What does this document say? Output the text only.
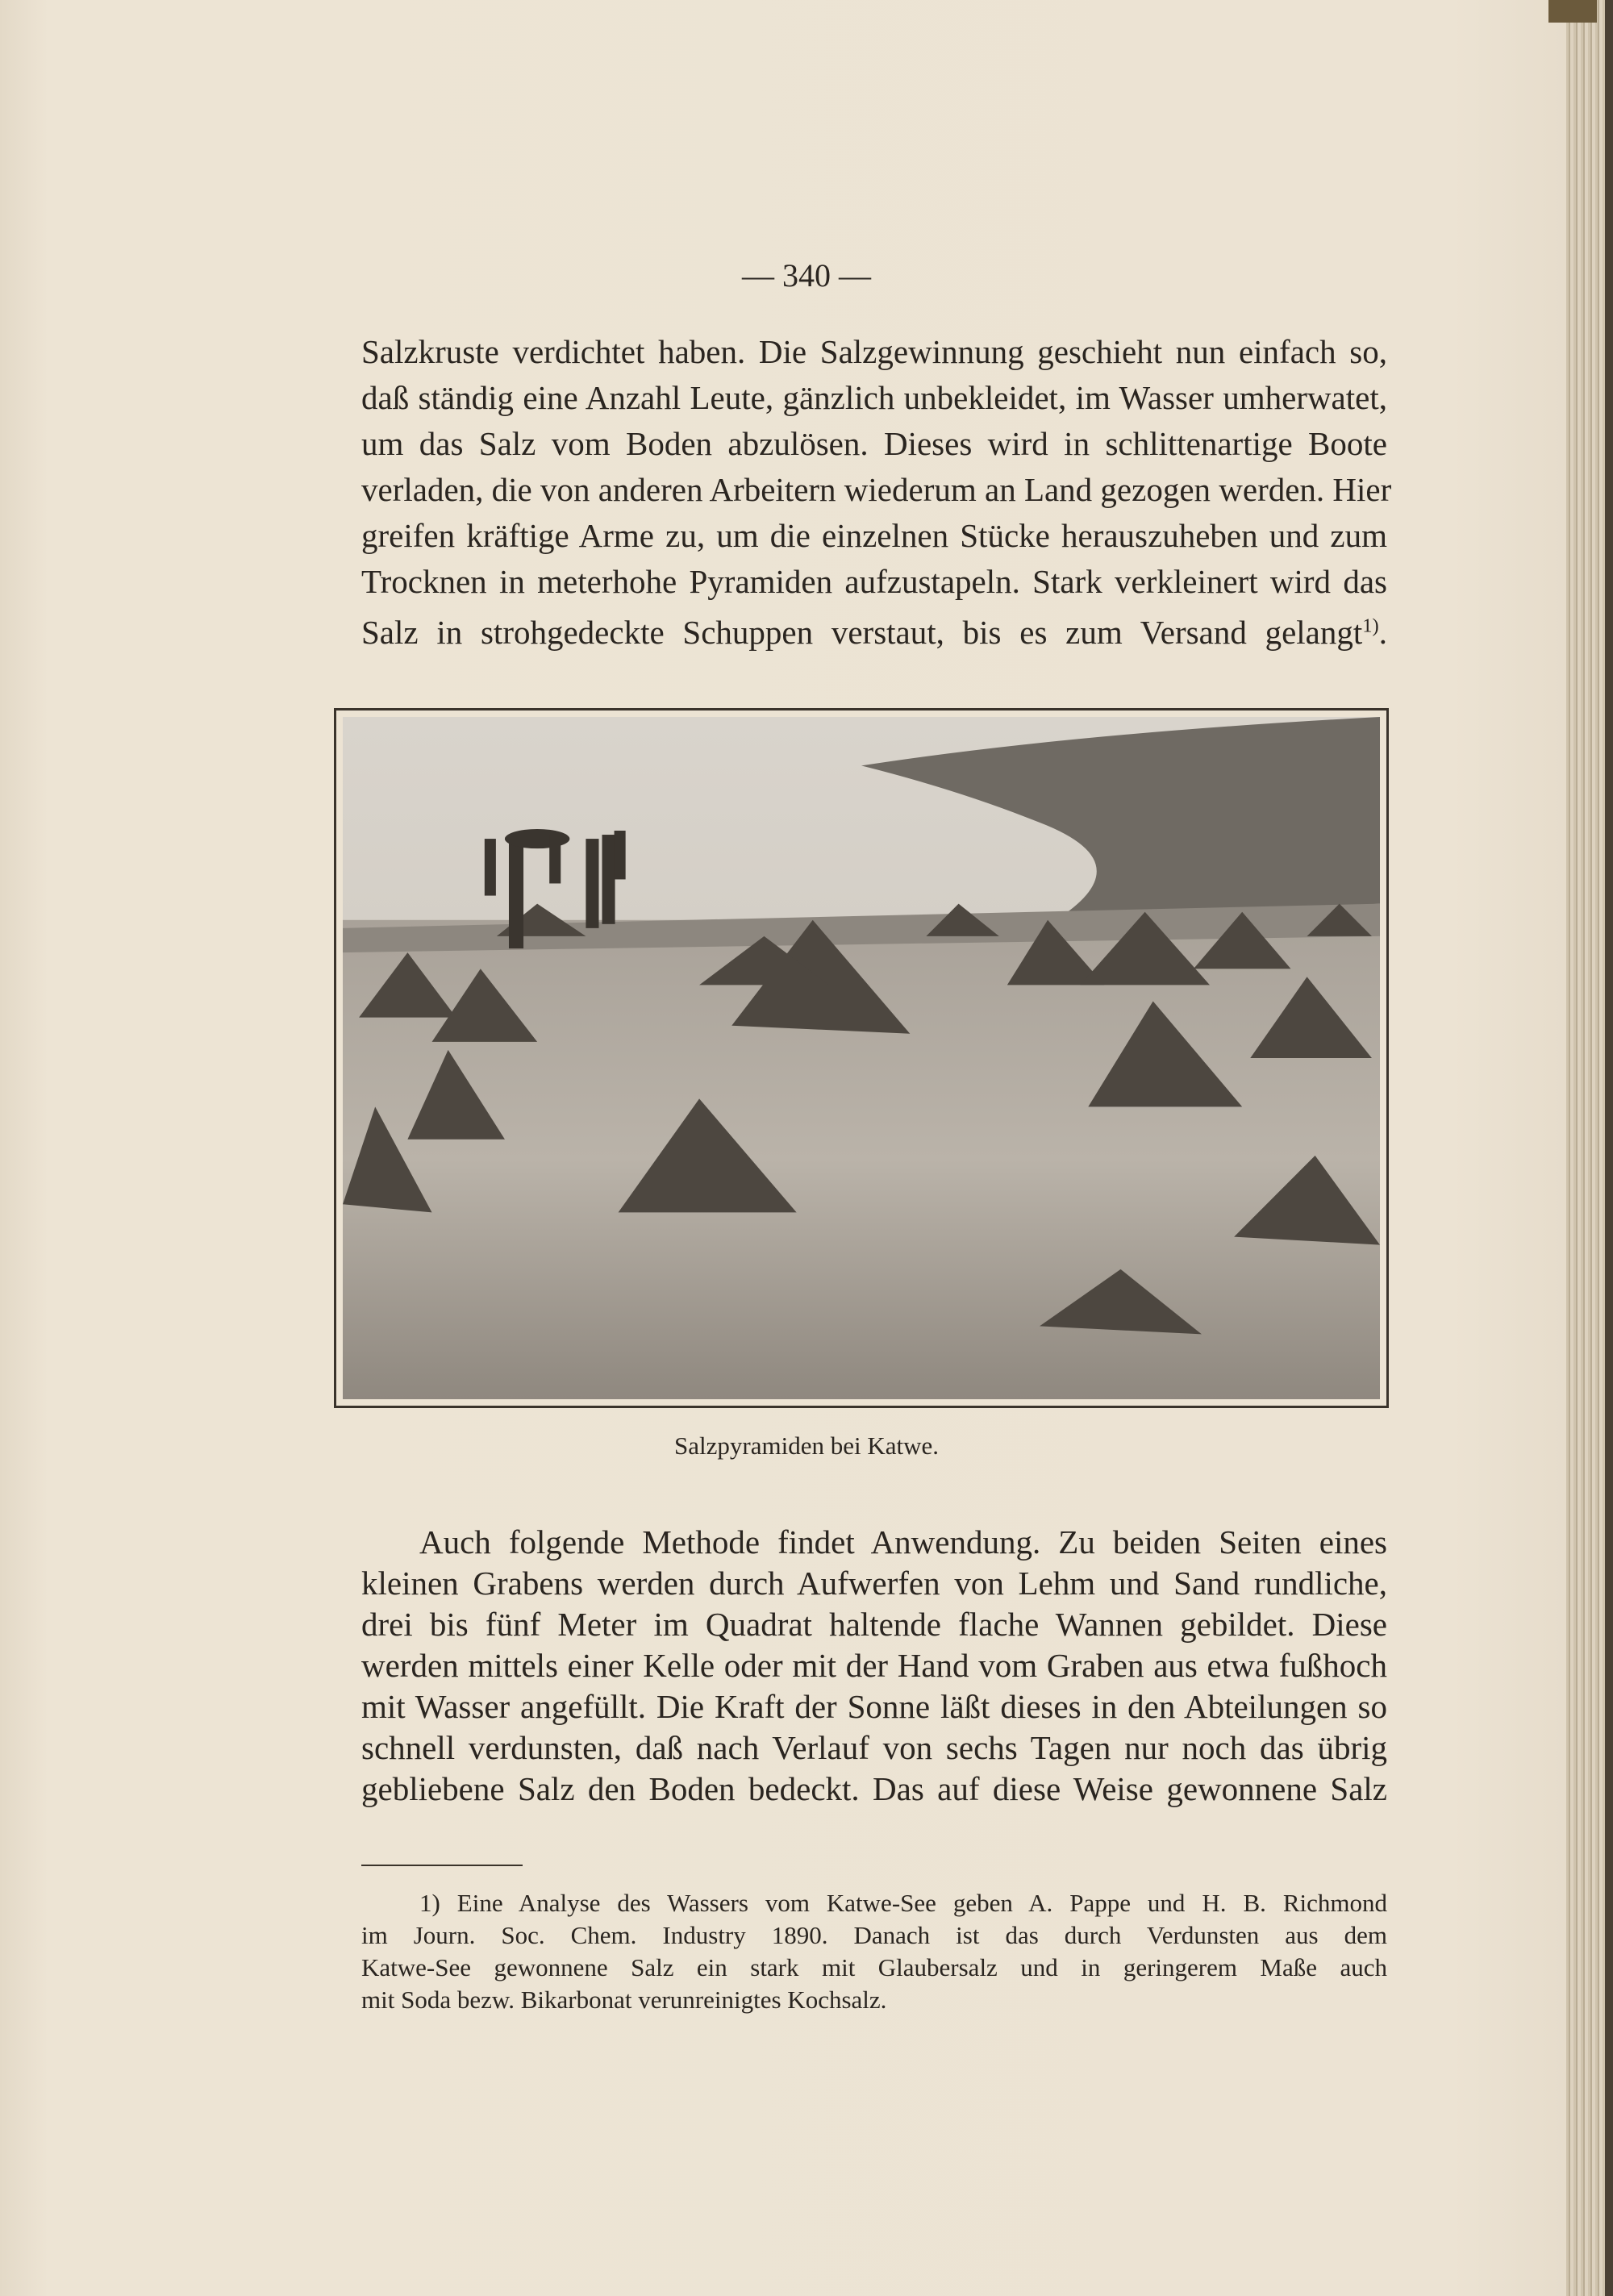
— 340 —
Salzkruste verdichtet haben. Die Salzgewinnung geschieht nun einfach so,
daß ständig eine Anzahl Leute, gänzlich unbekleidet, im Wasser umherwatet,
um das Salz vom Boden abzulösen. Dieses wird in schlittenartige Boote
verladen, die von anderen Arbeitern wiederum an Land gezogen werden. Hier
greifen kräftige Arme zu, um die einzelnen Stücke herauszuheben und zum
Trocknen in meterhohe Pyramiden aufzustapeln. Stark verkleinert wird das
Salz in strohgedeckte Schuppen verstaut, bis es zum Versand gelangt$^{1)}$.
Salzpyramiden bei Katwe.
Auch folgende Methode findet Anwendung. Zu beiden Seiten eines
kleinen Grabens werden durch Aufwerfen von Lehm und Sand rundliche,
drei bis fünf Meter im Quadrat haltende flache Wannen gebildet. Diese
werden mittels einer Kelle oder mit der Hand vom Graben aus etwa fußhoch
mit Wasser angefüllt. Die Kraft der Sonne läßt dieses in den Abteilungen so
schnell verdunsten, daß nach Verlauf von sechs Tagen nur noch das übrig
gebliebene Salz den Boden bedeckt. Das auf diese Weise gewonnene Salz
1) Eine Analyse des Wassers vom Katwe-See geben A. Pappe und H. B. Richmond
im Journ. Soc. Chem. Industry 1890. Danach ist das durch Verdunsten aus dem
Katwe-See gewonnene Salz ein stark mit Glaubersalz und in geringerem Maße auch
mit Soda bezw. Bikarbonat verunreinigtes Kochsalz.
